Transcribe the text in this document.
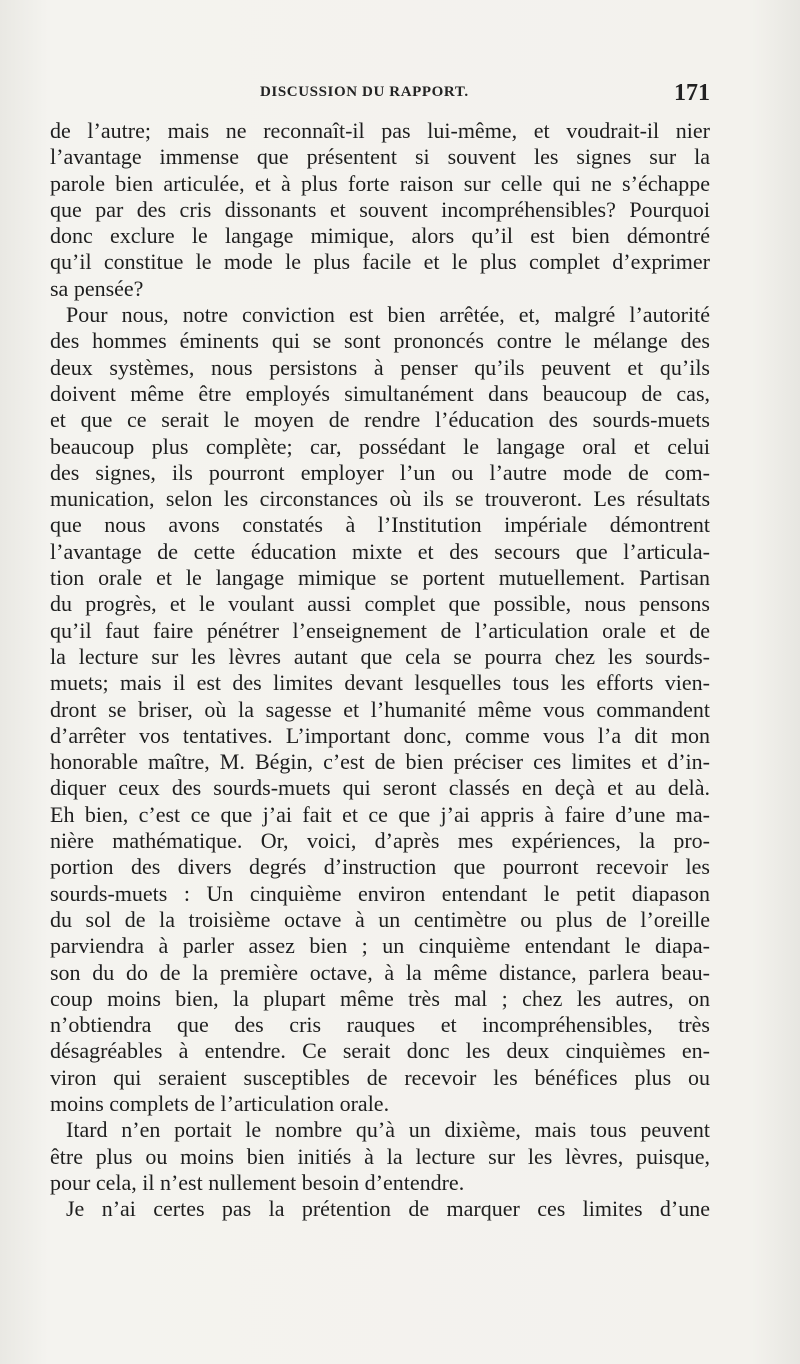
DISCUSSION DU RAPPORT.	171
de l’autre; mais ne reconnaît-il pas lui-même, et voudrait-il nier
l’avantage immense que présentent si souvent les signes sur la
parole bien articulée, et à plus forte raison sur celle qui ne s’échappe
que par des cris dissonants et souvent incompréhensibles? Pourquoi
donc exclure le langage mimique, alors qu’il est bien démontré
qu’il constitue le mode le plus facile et le plus complet d’exprimer
sa pensée?
Pour nous, notre conviction est bien arrêtée, et, malgré l’autorité
des hommes éminents qui se sont prononcés contre le mélange des
deux systèmes, nous persistons à penser qu’ils peuvent et qu’ils
doivent même être employés simultanément dans beaucoup de cas,
et que ce serait le moyen de rendre l’éducation des sourds-muets
beaucoup plus complète; car, possédant le langage oral et celui
des signes, ils pourront employer l’un ou l’autre mode de com-
munication, selon les circonstances où ils se trouveront. Les résultats
que nous avons constatés à l’Institution impériale démontrent
l’avantage de cette éducation mixte et des secours que l’articula-
tion orale et le langage mimique se portent mutuellement. Partisan
du progrès, et le voulant aussi complet que possible, nous pensons
qu’il faut faire pénétrer l’enseignement de l’articulation orale et de
la lecture sur les lèvres autant que cela se pourra chez les sourds-
muets; mais il est des limites devant lesquelles tous les efforts vien-
dront se briser, où la sagesse et l’humanité même vous commandent
d’arrêter vos tentatives. L’important donc, comme vous l’a dit mon
honorable maître, M. Bégin, c’est de bien préciser ces limites et d’in-
diquer ceux des sourds-muets qui seront classés en deçà et au delà.
Eh bien, c’est ce que j’ai fait et ce que j’ai appris à faire d’une ma-
nière mathématique. Or, voici, d’après mes expériences, la pro-
portion des divers degrés d’instruction que pourront recevoir les
sourds-muets : Un cinquième environ entendant le petit diapason
du sol de la troisième octave à un centimètre ou plus de l’oreille
parviendra à parler assez bien ; un cinquième entendant le diapa-
son du do de la première octave, à la même distance, parlera beau-
coup moins bien, la plupart même très mal ; chez les autres, on
n’obtiendra que des cris rauques et incompréhensibles, très
désagréables à entendre. Ce serait donc les deux cinquièmes en-
viron qui seraient susceptibles de recevoir les bénéfices plus ou
moins complets de l’articulation orale.
Itard n’en portait le nombre qu’à un dixième, mais tous peuvent
être plus ou moins bien initiés à la lecture sur les lèvres, puisque,
pour cela, il n’est nullement besoin d’entendre.
Je n’ai certes pas la prétention de marquer ces limites d’une
